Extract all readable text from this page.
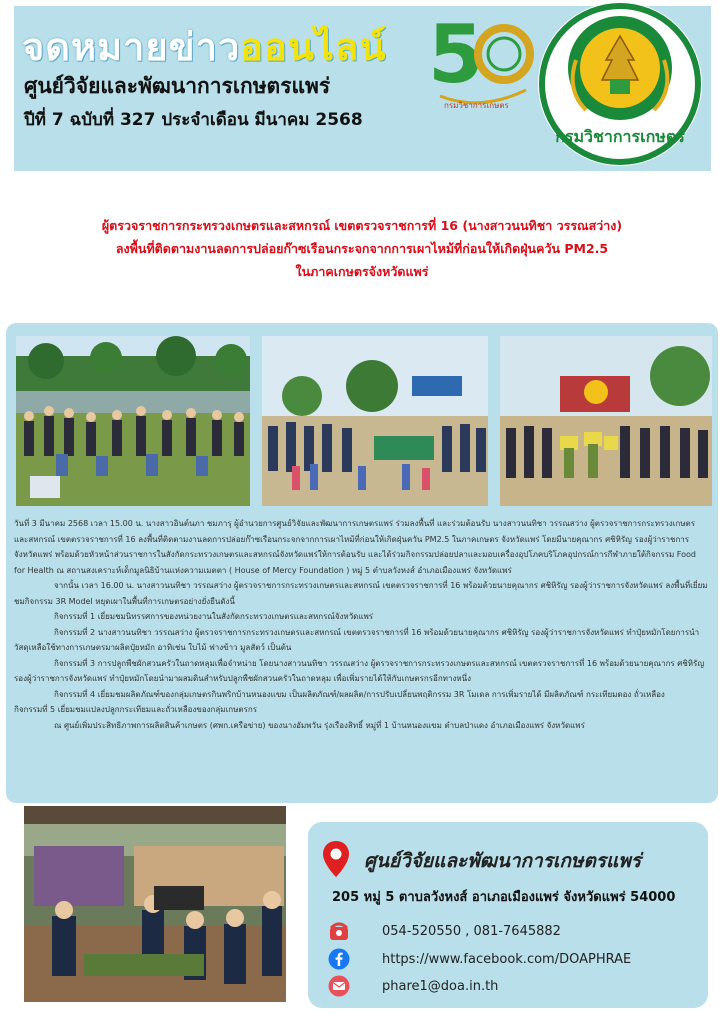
จดหมายข่าวออนไลน์
ศูนย์วิจัยและพัฒนาการเกษตรแพร่
ปีที่ 7 ฉบับที่ 327 ประจำเดือน มีนาคม 2568
5
กรมวิชาการเกษตร
กรมวิชาการเกษตร
ผู้ตรวจราชการกระทรวงเกษตรและสหกรณ์ เขตตรวจราชการที่ 16 (นางสาวนนทิชา วรรณสว่าง)
ลงพื้นที่ติดตามงานลดการปล่อยก๊าซเรือนกระจกจากการเผาไหม้ที่ก่อนให้เกิดฝุ่นควัน PM2.5
ในภาคเกษตรจังหวัดแพร่

วันที่ 3 มีนาคม 2568 เวลา 15.00 น. นางสาวอินต์นภา ชมภารุ ผู้อำนวยการศูนย์วิจัยและพัฒนาการเกษตรแพร่ ร่วมลงพื้นที่ และร่วมต้อนรับ นางสาวนนทิชา วรรณสว่าง ผู้ตรวจราชการกระทรวงเกษตรและสหกรณ์ เขตตรวจราชการที่ 16 ลงพื้นที่ติดตามงานลดการปล่อยก๊าซเรือนกระจกจากการเผาไหม้ที่ก่อนให้เกิดฝุ่นควัน PM2.5 ในภาคเกษตร จังหวัดแพร่ โดยมีนายคุณากร ศชิหิรัญ รองผู้ว่าราชการจังหวัดแพร่ พร้อมด้วยหัวหน้าส่วนราชการในสังกัดกระทรวงเกษตรและสหกรณ์จังหวัดแพร่ให้การต้อนรับ และได้ร่วมกิจกรรมปล่อยปลาและมอบเครื่องอุปโภคบริโภคอุปกรณ์การกีฬาภายใต้กิจกรรม Food for Health ณ สถานสงเคราะห์เด็กมูลนิธิบ้านแห่งความเมตตา ( House of Mercy Foundation ) หมู่ 5 ตำบลวังหงส์ อำเภอเมืองแพร่ จังหวัดแพร่

จากนั้น เวลา 16.00 น. นางสาวนนทิชา วรรณสว่าง ผู้ตรวจราชการกระทรวงเกษตรและสหกรณ์ เขตตรวจราชการที่ 16 พร้อมด้วยนายคุณากร ศชิหิรัญ รองผู้ว่าราชการจังหวัดแพร่ ลงพื้นที่เยี่ยมชมกิจกรรม 3R Model หยุดเผาในพื้นที่การเกษตรอย่างยั่งยืนดังนี้

กิจกรรมที่ 1 เยี่ยมชมนิทรรศการของหน่วยงานในสังกัดกระทรวงเกษตรและสหกรณ์จังหวัดแพร่

กิจกรรมที่ 2 นางสาวนนทิชา วรรณสว่าง ผู้ตรวจราชการกระทรวงเกษตรและสหกรณ์ เขตตรวจราชการที่ 16 พร้อมด้วยนายคุณากร ศชิหิรัญ รองผู้ว่าราชการจังหวัดแพร่ ทำปุ๋ยหมักโดยการนำวัสดุเหลือใช้ทางการเกษตรมาผลิตปุ๋ยหมัก อาทิเช่น ใบไม้ ฟางข้าว มูลสัตว์ เป็นต้น

กิจกรรมที่ 3 การปลูกพืชผักสวนครัวในถาดหลุมเพื่อจำหน่าย โดยนางสาวนนทิชา วรรณสว่าง ผู้ตรวจราชการกระทรวงเกษตรและสหกรณ์ เขตตรวจราชการที่ 16 พร้อมด้วยนายคุณากร ศชิหิรัญ รองผู้ว่าราชการจังหวัดแพร่ ทำปุ๋ยหมักโดยนำมาผสมดินสำหรับปลูกพืชผักสวนครัวในถาดหลุม เพื่อเพิ่มรายได้ให้กับเกษตรกรอีกทางหนึ่ง

กิจกรรมที่ 4 เยี่ยมชมผลิตภัณฑ์ของกลุ่มเกษตรกินพริกบ้านหนองแขม เป็นผลิตภัณฑ์/ผลผลิต/การปรับเปลี่ยนพฤติกรรม 3R โมเดล การเพิ่มรายได้ มีผลิตภัณฑ์ กระเทียมดอง ถั่วเหลือง

กิจกรรมที่ 5 เยี่ยมชมแปลงปลูกกระเทียมและถั่วเหลืองของกลุ่มเกษตรกร

ณ ศูนย์เพิ่มประสิทธิภาพการผลิตสินค้าเกษตร (ศพก.เครือข่าย) ของนางอัมพวัน รุ่งเรืองสิทธิ์ หมู่ที่ 1 บ้านหนองแขม ตำบลป่าแดง อำเภอเมืองแพร่ จังหวัดแพร่

ศูนย์วิจัยและพัฒนาการเกษตรแพร่
205 หมู่ 5 ตาบลวังหงส์ อาเภอเมืองแพร่ จังหวัดแพร่ 54000
054-520550 , 081-7645882
https://www.facebook.com/DOAPHRAE
phare1@doa.in.th
